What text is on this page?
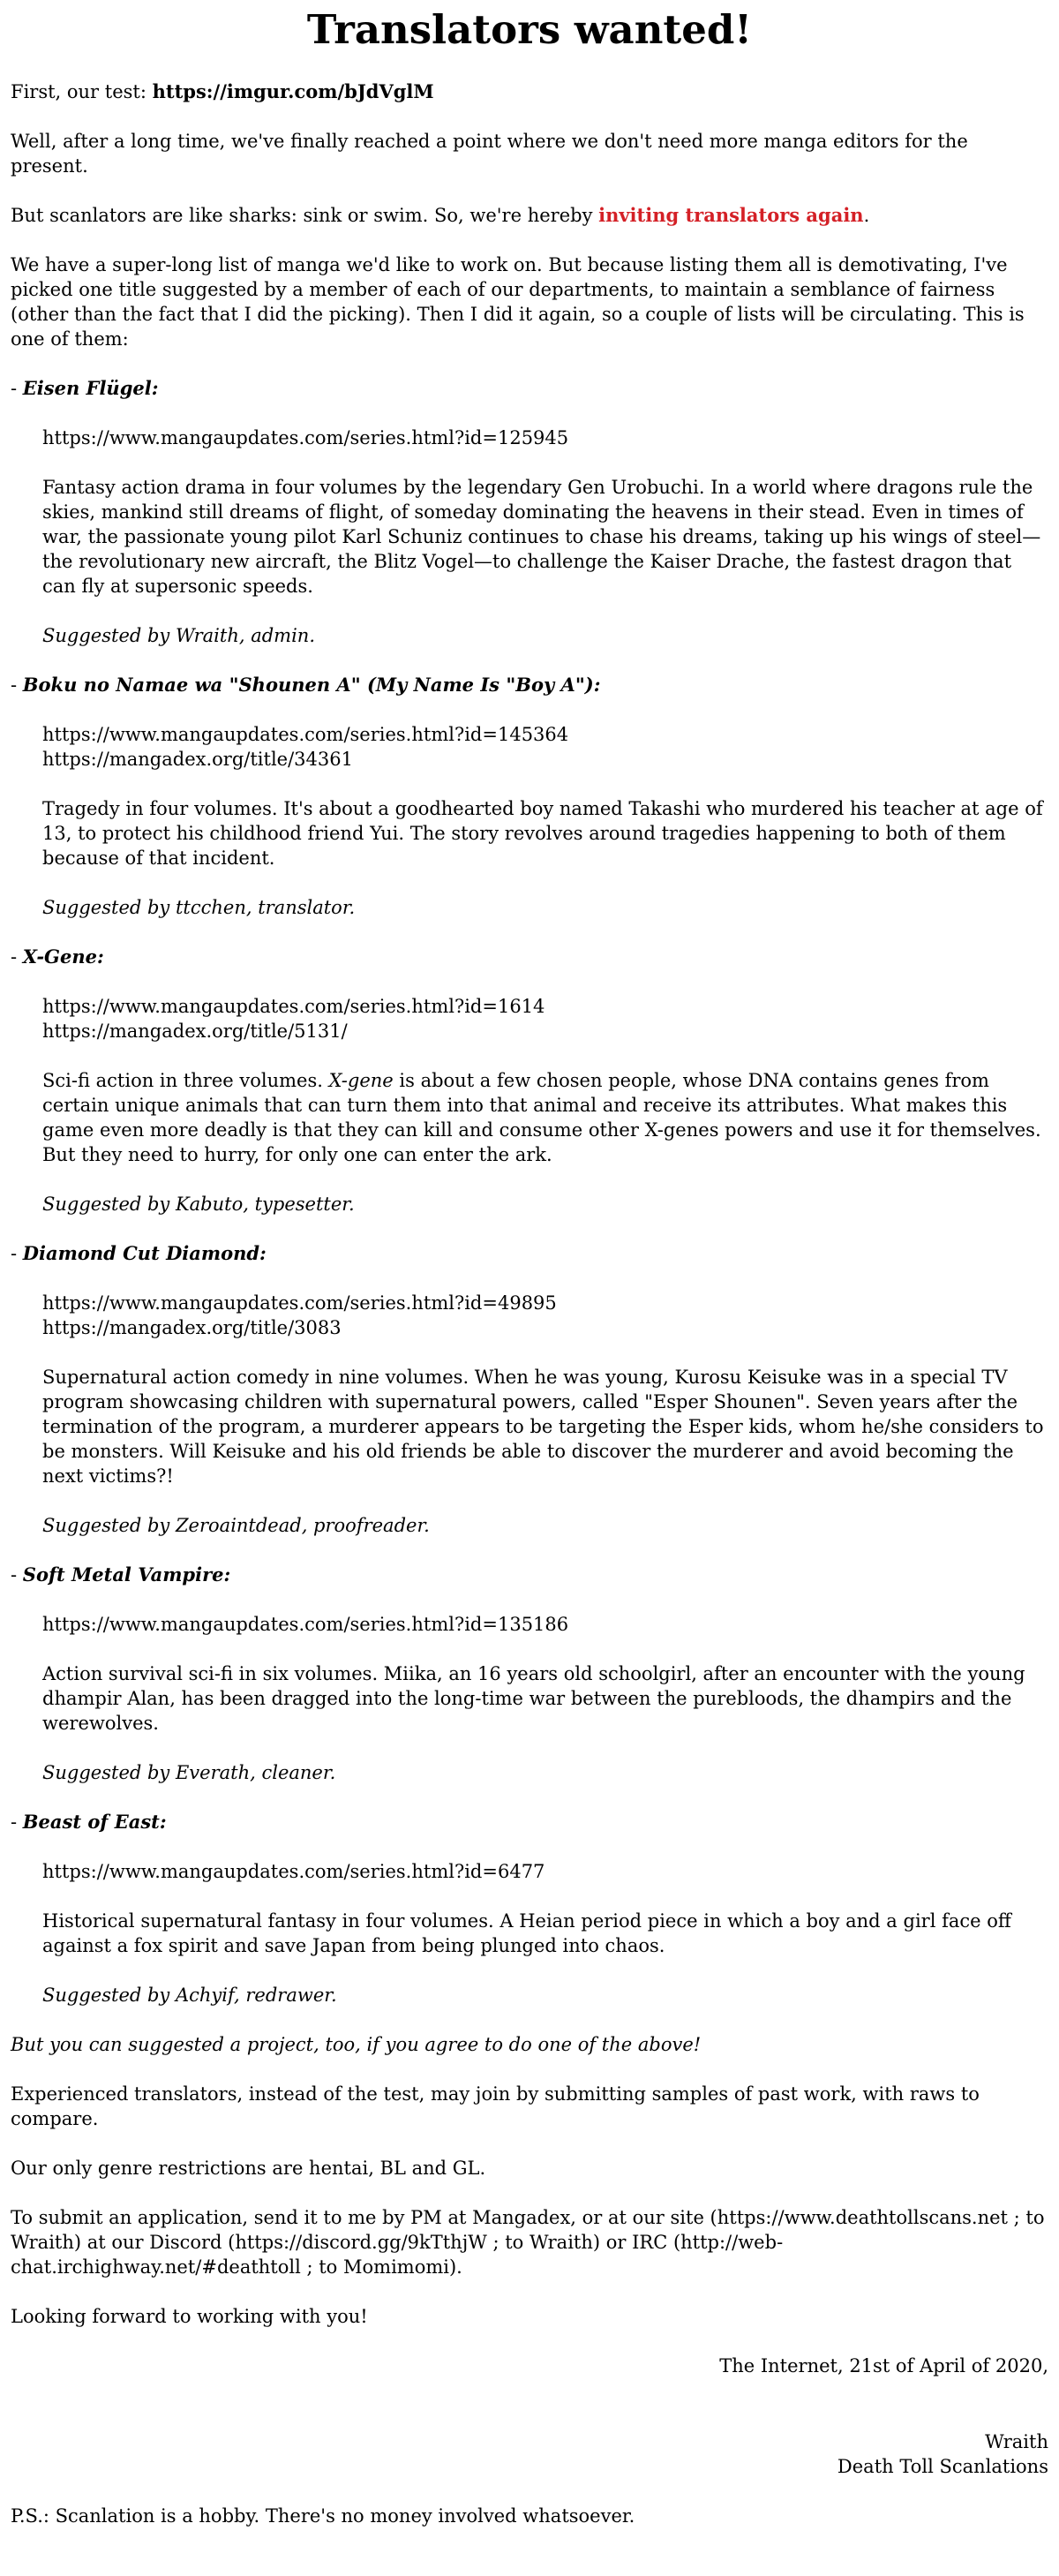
Translators wanted!
First, our test: https://imgur.com/bJdVglM
Well, after a long time, we've finally reached a point where we don't need more manga editors for the present.
But scanlators are like sharks: sink or swim. So, we're hereby inviting translators again.
We have a super-long list of manga we'd like to work on. But because listing them all is demotivating, I've picked one title suggested by a member of each of our departments, to maintain a semblance of fairness (other than the fact that I did the picking). Then I did it again, so a couple of lists will be circulating. This is one of them:
- Eisen Flügel:
https://www.mangaupdates.com/series.html?id=125945
Fantasy action drama in four volumes by the legendary Gen Urobuchi. In a world where dragons rule the skies, mankind still dreams of flight, of someday dominating the heavens in their stead. Even in times of war, the passionate young pilot Karl Schuniz continues to chase his dreams, taking up his wings of steel—the revolutionary new aircraft, the Blitz Vogel—to challenge the Kaiser Drache, the fastest dragon that can fly at supersonic speeds.
Suggested by Wraith, admin.
- Boku no Namae wa "Shounen A" (My Name Is "Boy A"):
https://www.mangaupdates.com/series.html?id=145364
https://mangadex.org/title/34361
Tragedy in four volumes. It's about a goodhearted boy named Takashi who murdered his teacher at age of 13, to protect his childhood friend Yui. The story revolves around tragedies happening to both of them because of that incident.
Suggested by ttcchen, translator.
- X-Gene:
https://www.mangaupdates.com/series.html?id=1614
https://mangadex.org/title/5131/
Sci-fi action in three volumes. X-gene is about a few chosen people, whose DNA contains genes from certain unique animals that can turn them into that animal and receive its attributes. What makes this game even more deadly is that they can kill and consume other X-genes powers and use it for themselves. But they need to hurry, for only one can enter the ark.
Suggested by Kabuto, typesetter.
- Diamond Cut Diamond:
https://www.mangaupdates.com/series.html?id=49895
https://mangadex.org/title/3083
Supernatural action comedy in nine volumes. When he was young, Kurosu Keisuke was in a special TV program showcasing children with supernatural powers, called "Esper Shounen". Seven years after the termination of the program, a murderer appears to be targeting the Esper kids, whom he/she considers to be monsters. Will Keisuke and his old friends be able to discover the murderer and avoid becoming the next victims?!
Suggested by Zeroaintdead, proofreader.
- Soft Metal Vampire:
https://www.mangaupdates.com/series.html?id=135186
Action survival sci-fi in six volumes. Miika, an 16 years old schoolgirl, after an encounter with the young dhampir Alan, has been dragged into the long-time war between the purebloods, the dhampirs and the werewolves.
Suggested by Everath, cleaner.
- Beast of East:
https://www.mangaupdates.com/series.html?id=6477
Historical supernatural fantasy in four volumes. A Heian period piece in which a boy and a girl face off against a fox spirit and save Japan from being plunged into chaos.
Suggested by Achyif, redrawer.
But you can suggested a project, too, if you agree to do one of the above!
Experienced translators, instead of the test, may join by submitting samples of past work, with raws to compare.
Our only genre restrictions are hentai, BL and GL.
To submit an application, send it to me by PM at Mangadex, or at our site (https://www.deathtollscans.net ; to Wraith) at our Discord (https://discord.gg/9kTthjW ; to Wraith) or IRC (http://webchat.irchighway.net/#deathtoll ; to Momimomi).
Looking forward to working with you!
The Internet, 21st of April of 2020,
Wraith
Death Toll Scanlations
P.S.: Scanlation is a hobby. There's no money involved whatsoever.
